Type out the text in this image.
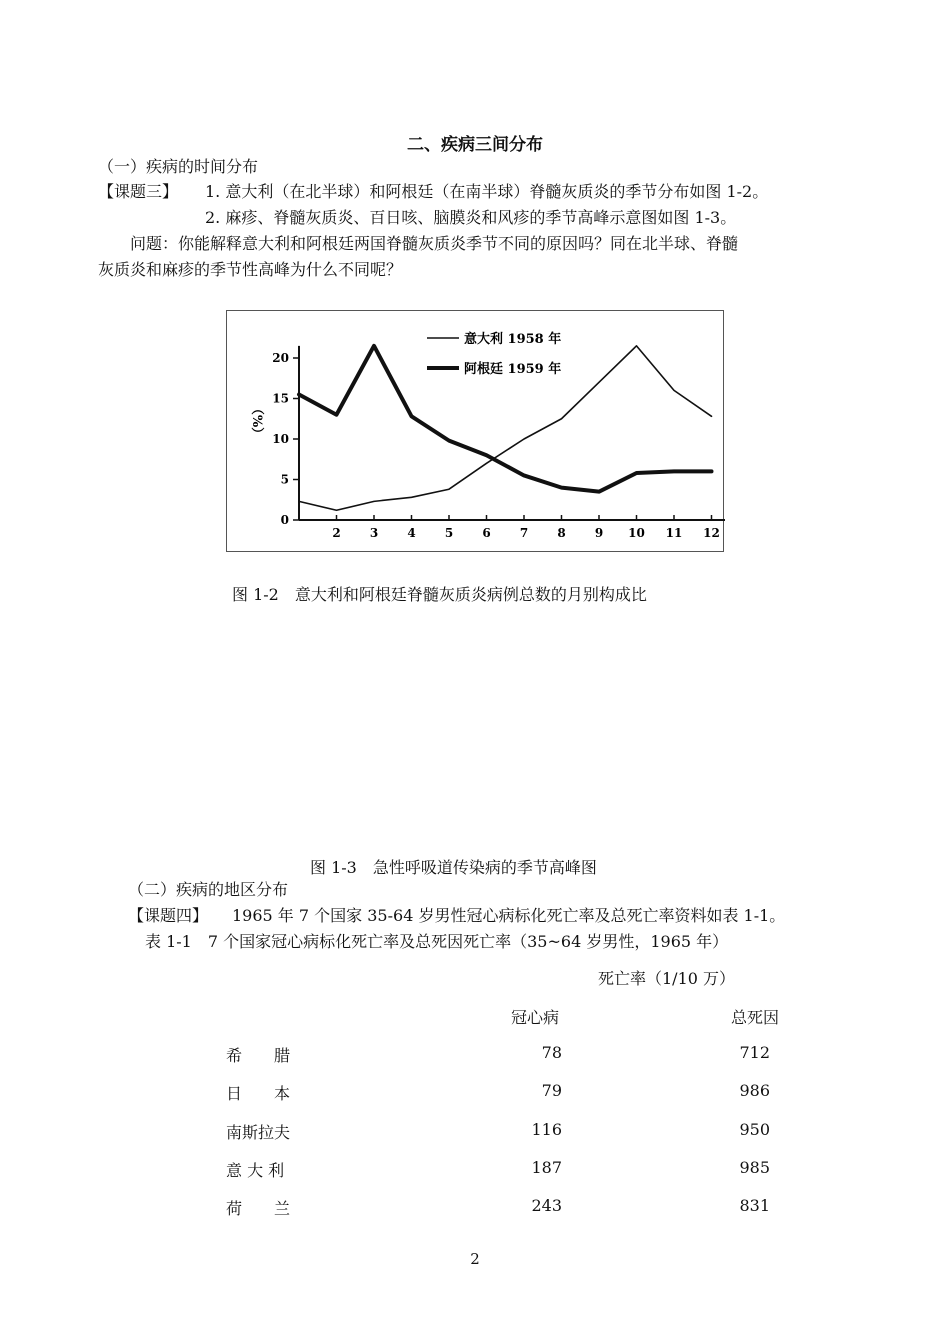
二、疾病三间分布
（一）疾病的时间分布
【课题三】 1. 意大利（在北半球）和阿根廷（在南半球）脊髓灰质炎的季节分布如图 1-2。
2. 麻疹、脊髓灰质炎、百日咳、脑膜炎和风疹的季节高峰示意图如图 1-3。
问题：你能解释意大利和阿根廷两国脊髓灰质炎季节不同的原因吗？同在北半球、脊髓
灰质炎和麻疹的季节性高峰为什么不同呢？
0
5
10
15
20
（%）
2 3 4 5 6 7 8 9 10 11 12
意大利 1958 年
阿根廷 1959 年
图 1-2　意大利和阿根廷脊髓灰质炎病例总数的月别构成比
图 1-3　急性呼吸道传染病的季节高峰图
（二）疾病的地区分布
【课题四】 1965 年 7 个国家 35-64 岁男性冠心病标化死亡率及总死亡率资料如表 1-1。
表 1-1　7 个国家冠心病标化死亡率及总死因死亡率（35~64 岁男性，1965 年）
死亡率（1/10 万）
冠心病	总死因
希　　腊	78	712
日　　本	79	986
南斯拉夫	116	950
意 大 利	187	985
荷　　兰	243	831
2
